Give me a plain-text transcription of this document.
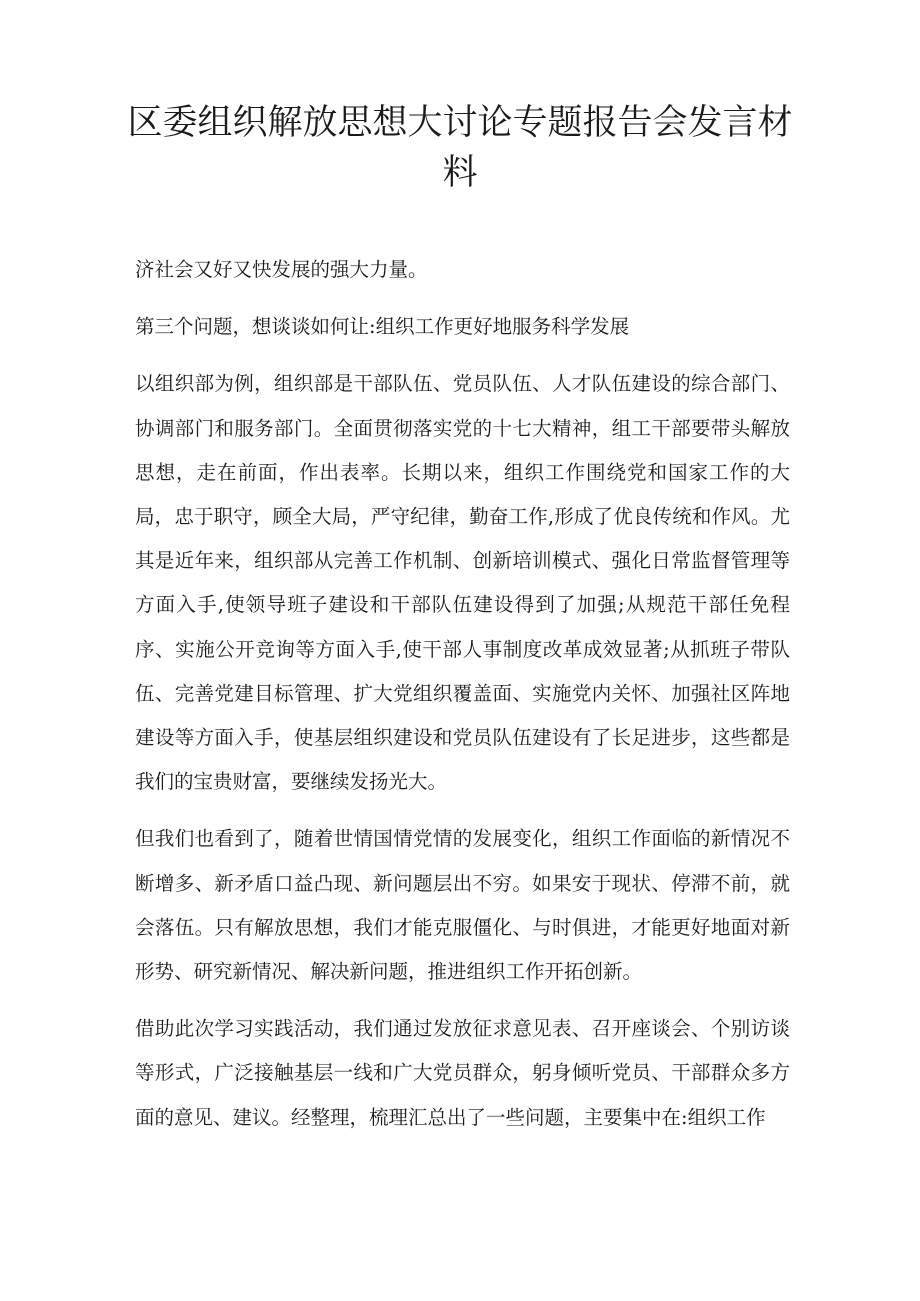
区委组织解放思想大讨论专题报告会发言材料

济社会又好又快发展的强大力量。

第三个问题，想谈谈如何让:组织工作更好地服务科学发展

以组织部为例，组织部是干部队伍、党员队伍、人才队伍建设的综合部门、协调部门和服务部门。全面贯彻落实党的十七大精神，组工干部要带头解放思想，走在前面，作出表率。长期以来，组织工作围绕党和国家工作的大局，忠于职守，顾全大局，严守纪律，勤奋工作,形成了优良传统和作风。尤其是近年来，组织部从完善工作机制、创新培训模式、强化日常监督管理等方面入手,使领导班子建设和干部队伍建设得到了加强;从规范干部任免程序、实施公开竞询等方面入手,使干部人事制度改革成效显著;从抓班子带队伍、完善党建目标管理、扩大党组织覆盖面、实施党内关怀、加强社区阵地建设等方面入手，使基层组织建设和党员队伍建设有了长足进步，这些都是我们的宝贵财富，要继续发扬光大。

但我们也看到了，随着世情国情党情的发展变化，组织工作面临的新情况不断增多、新矛盾口益凸现、新问题层出不穷。如果安于现状、停滞不前，就会落伍。只有解放思想，我们才能克服僵化、与时俱进，才能更好地面对新形势、研究新情况、解决新问题，推进组织工作开拓创新。

借助此次学习实践活动，我们通过发放征求意见表、召开座谈会、个别访谈等形式，广泛接触基层一线和广大党员群众，躬身倾听党员、干部群众多方面的意见、建议。经整理，梳理汇总出了一些问题，主要集中在:组织工作
